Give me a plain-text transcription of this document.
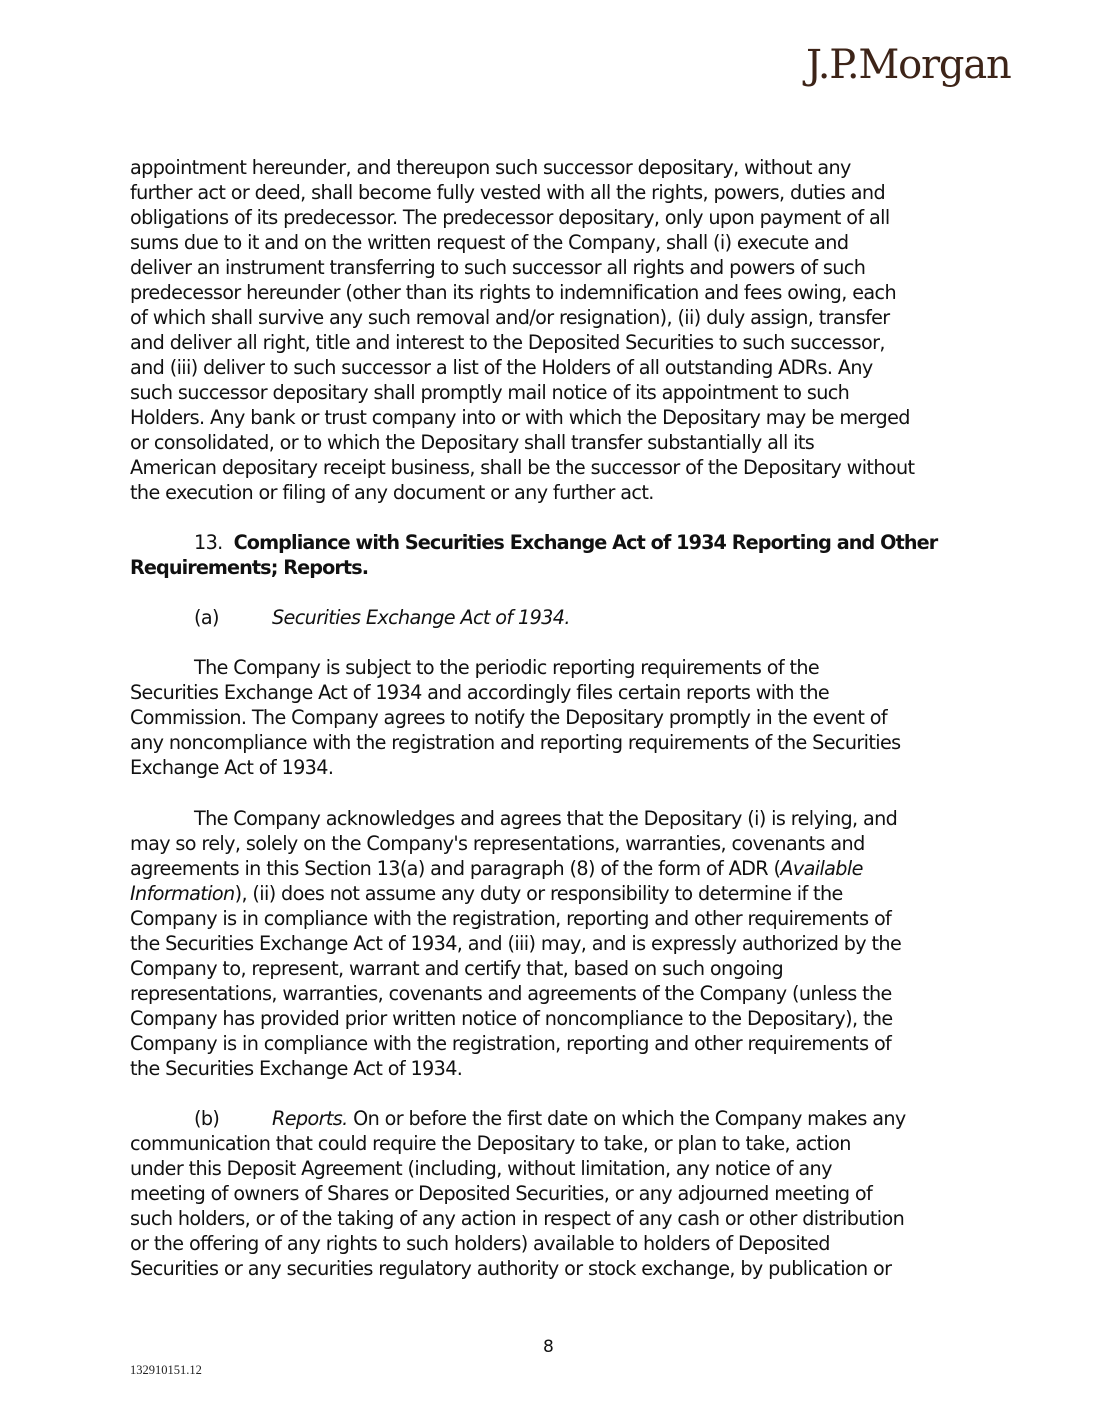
J.P.Morgan
appointment hereunder, and thereupon such successor depositary, without any
further act or deed, shall become fully vested with all the rights, powers, duties and
obligations of its predecessor. The predecessor depositary, only upon payment of all
sums due to it and on the written request of the Company, shall (i) execute and
deliver an instrument transferring to such successor all rights and powers of such
predecessor hereunder (other than its rights to indemnification and fees owing, each
of which shall survive any such removal and/or resignation), (ii) duly assign, transfer
and deliver all right, title and interest to the Deposited Securities to such successor,
and (iii) deliver to such successor a list of the Holders of all outstanding ADRs. Any
such successor depositary shall promptly mail notice of its appointment to such
Holders. Any bank or trust company into or with which the Depositary may be merged
or consolidated, or to which the Depositary shall transfer substantially all its
American depositary receipt business, shall be the successor of the Depositary without
the execution or filing of any document or any further act.
13. Compliance with Securities Exchange Act of 1934 Reporting and Other
Requirements; Reports.
(a)	Securities Exchange Act of 1934.
The Company is subject to the periodic reporting requirements of the
Securities Exchange Act of 1934 and accordingly files certain reports with the
Commission. The Company agrees to notify the Depositary promptly in the event of
any noncompliance with the registration and reporting requirements of the Securities
Exchange Act of 1934.
The Company acknowledges and agrees that the Depositary (i) is relying, and
may so rely, solely on the Company's representations, warranties, covenants and
agreements in this Section 13(a) and paragraph (8) of the form of ADR (Available
Information), (ii) does not assume any duty or responsibility to determine if the
Company is in compliance with the registration, reporting and other requirements of
the Securities Exchange Act of 1934, and (iii) may, and is expressly authorized by the
Company to, represent, warrant and certify that, based on such ongoing
representations, warranties, covenants and agreements of the Company (unless the
Company has provided prior written notice of noncompliance to the Depositary), the
Company is in compliance with the registration, reporting and other requirements of
the Securities Exchange Act of 1934.
(b)	Reports. On or before the first date on which the Company makes any
communication that could require the Depositary to take, or plan to take, action
under this Deposit Agreement (including, without limitation, any notice of any
meeting of owners of Shares or Deposited Securities, or any adjourned meeting of
such holders, or of the taking of any action in respect of any cash or other distribution
or the offering of any rights to such holders) available to holders of Deposited
Securities or any securities regulatory authority or stock exchange, by publication or
8
132910151.12
